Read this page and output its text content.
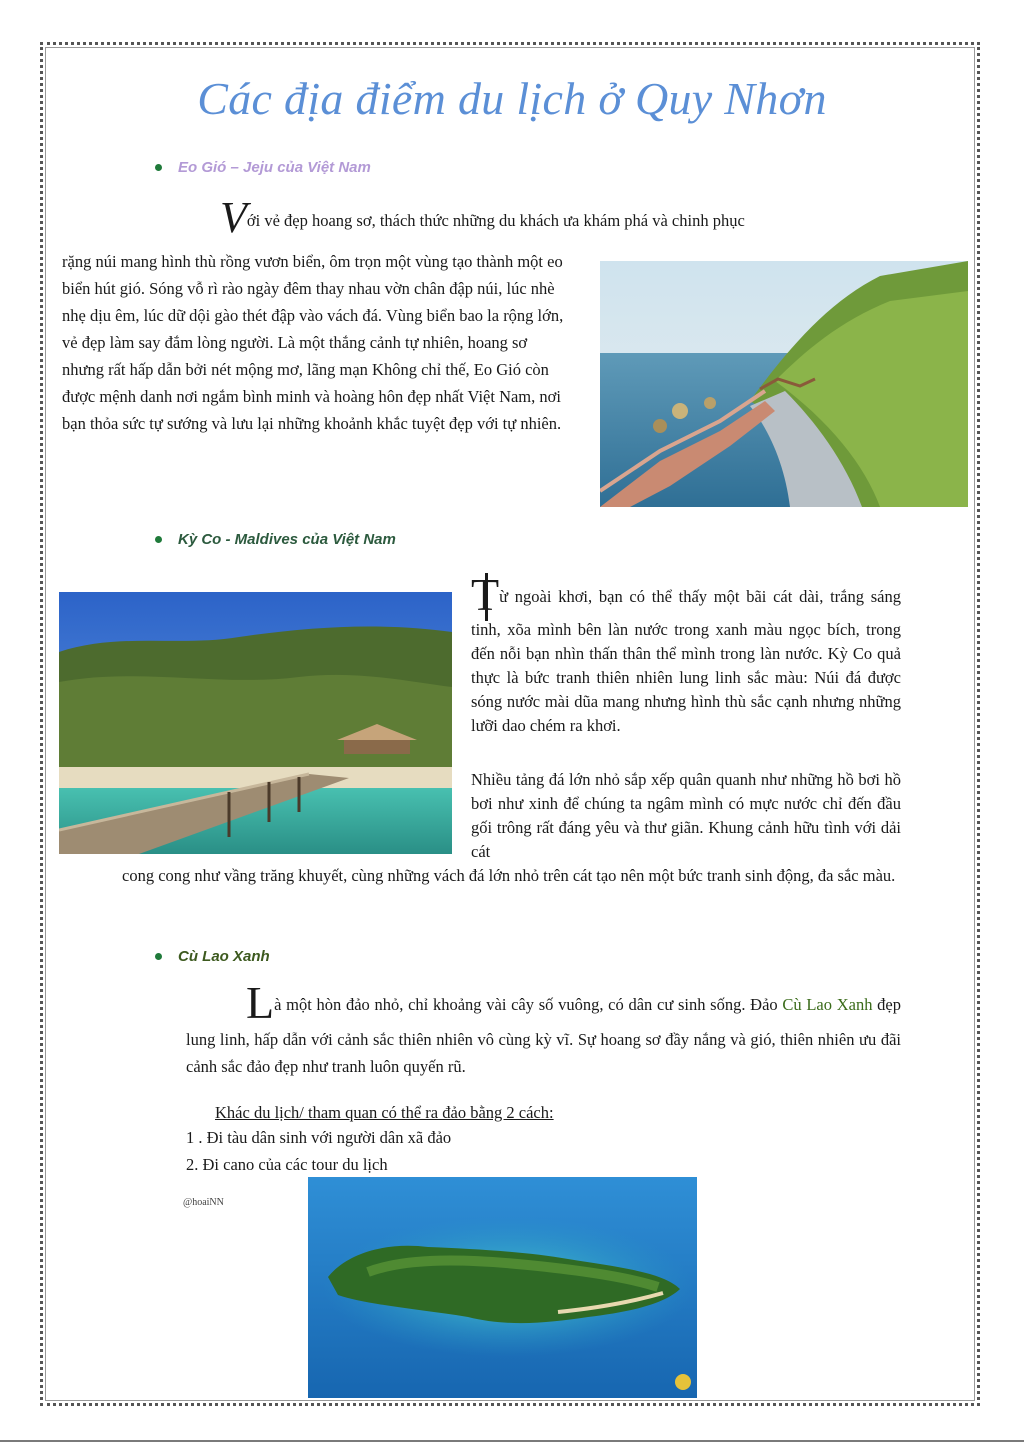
Các địa điểm du lịch ở Quy Nhơn
Eo Gió – Jeju của Việt Nam
Với vẻ đẹp hoang sơ, thách thức những du khách ưa khám phá và chinh phục
rặng núi mang hình thù rồng vươn biển, ôm trọn một vùng tạo thành một eo biển hút gió. Sóng vỗ rì rào ngày đêm thay nhau vờn chân đập núi, lúc nhè nhẹ dịu êm, lúc dữ dội gào thét đập vào vách đá. Vùng biển bao la rộng lớn, vẻ đẹp làm say đắm lòng người. Là một thắng cảnh tự nhiên, hoang sơ nhưng rất hấp dẫn bởi nét mộng mơ, lãng mạn Không chỉ thế, Eo Gió còn được mệnh danh nơi ngắm bình minh và hoàng hôn đẹp nhất Việt Nam, nơi bạn thỏa sức tự sướng và lưu lại những khoảnh khắc tuyệt đẹp với tự nhiên.
Kỳ Co - Maldives của Việt Nam
Từ ngoài khơi, bạn có thể thấy một bãi cát dài, trắng sáng tinh, xõa mình bên làn nước trong xanh màu ngọc bích, trong đến nỗi bạn nhìn thấn thân thể mình trong làn nước. Kỳ Co quả thực là bức tranh thiên nhiên lung linh sắc màu: Núi đá được sóng nước mài dũa mang nhưng hình thù sắc cạnh nhưng những lưỡi dao chém ra khơi.
Nhiều tảng đá lớn nhỏ sắp xếp quân quanh như những hồ bơi hồ bơi như xinh để chúng ta ngâm mình có mực nước chỉ đến đầu gối trông rất đáng yêu và thư giãn. Khung cảnh hữu tình với dải cát
cong cong như vầng trăng khuyết, cùng những vách đá lớn nhỏ trên cát tạo nên một bức tranh sinh động, đa sắc màu.
Cù Lao Xanh
Là một hòn đảo nhỏ, chỉ khoảng vài cây số vuông, có dân cư sinh sống. Đảo Cù Lao Xanh đẹp lung linh, hấp dẫn với cảnh sắc thiên nhiên vô cùng kỳ vĩ. Sự hoang sơ đầy nắng và gió, thiên nhiên ưu đãi cảnh sắc đảo đẹp như tranh luôn quyến rũ.
Khác du lịch/ tham quan có thể ra đảo bằng 2 cách:
1 . Đi tàu dân sinh với người dân xã đảo
2. Đi cano của các tour du lịch
@hoaiNN
